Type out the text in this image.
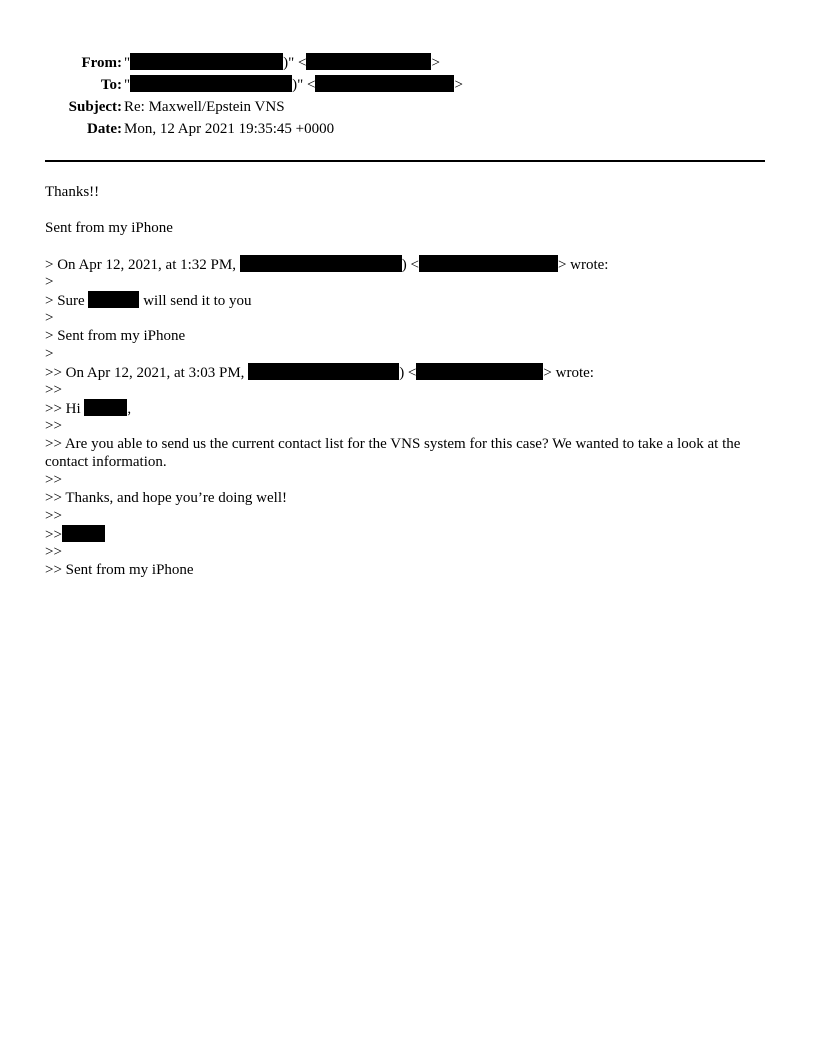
From: "	)" <	>
To: "	)" <	>
Subject: Re: Maxwell/Epstein VNS
Date: Mon, 12 Apr 2021 19:35:45 +0000
Thanks!!
Sent from my iPhone
> On Apr 12, 2021, at 1:32 PM,	) <	> wrote:
>
> Sure	will send it to you
>
> Sent from my iPhone
>
>> On Apr 12, 2021, at 3:03 PM,	) <	> wrote:
>>
>> Hi	,
>>
>> Are you able to send us the current contact list for the VNS system for this case? We wanted to take a look at the contact information.
>>
>> Thanks, and hope you’re doing well!
>>
>>
>>
>> Sent from my iPhone
